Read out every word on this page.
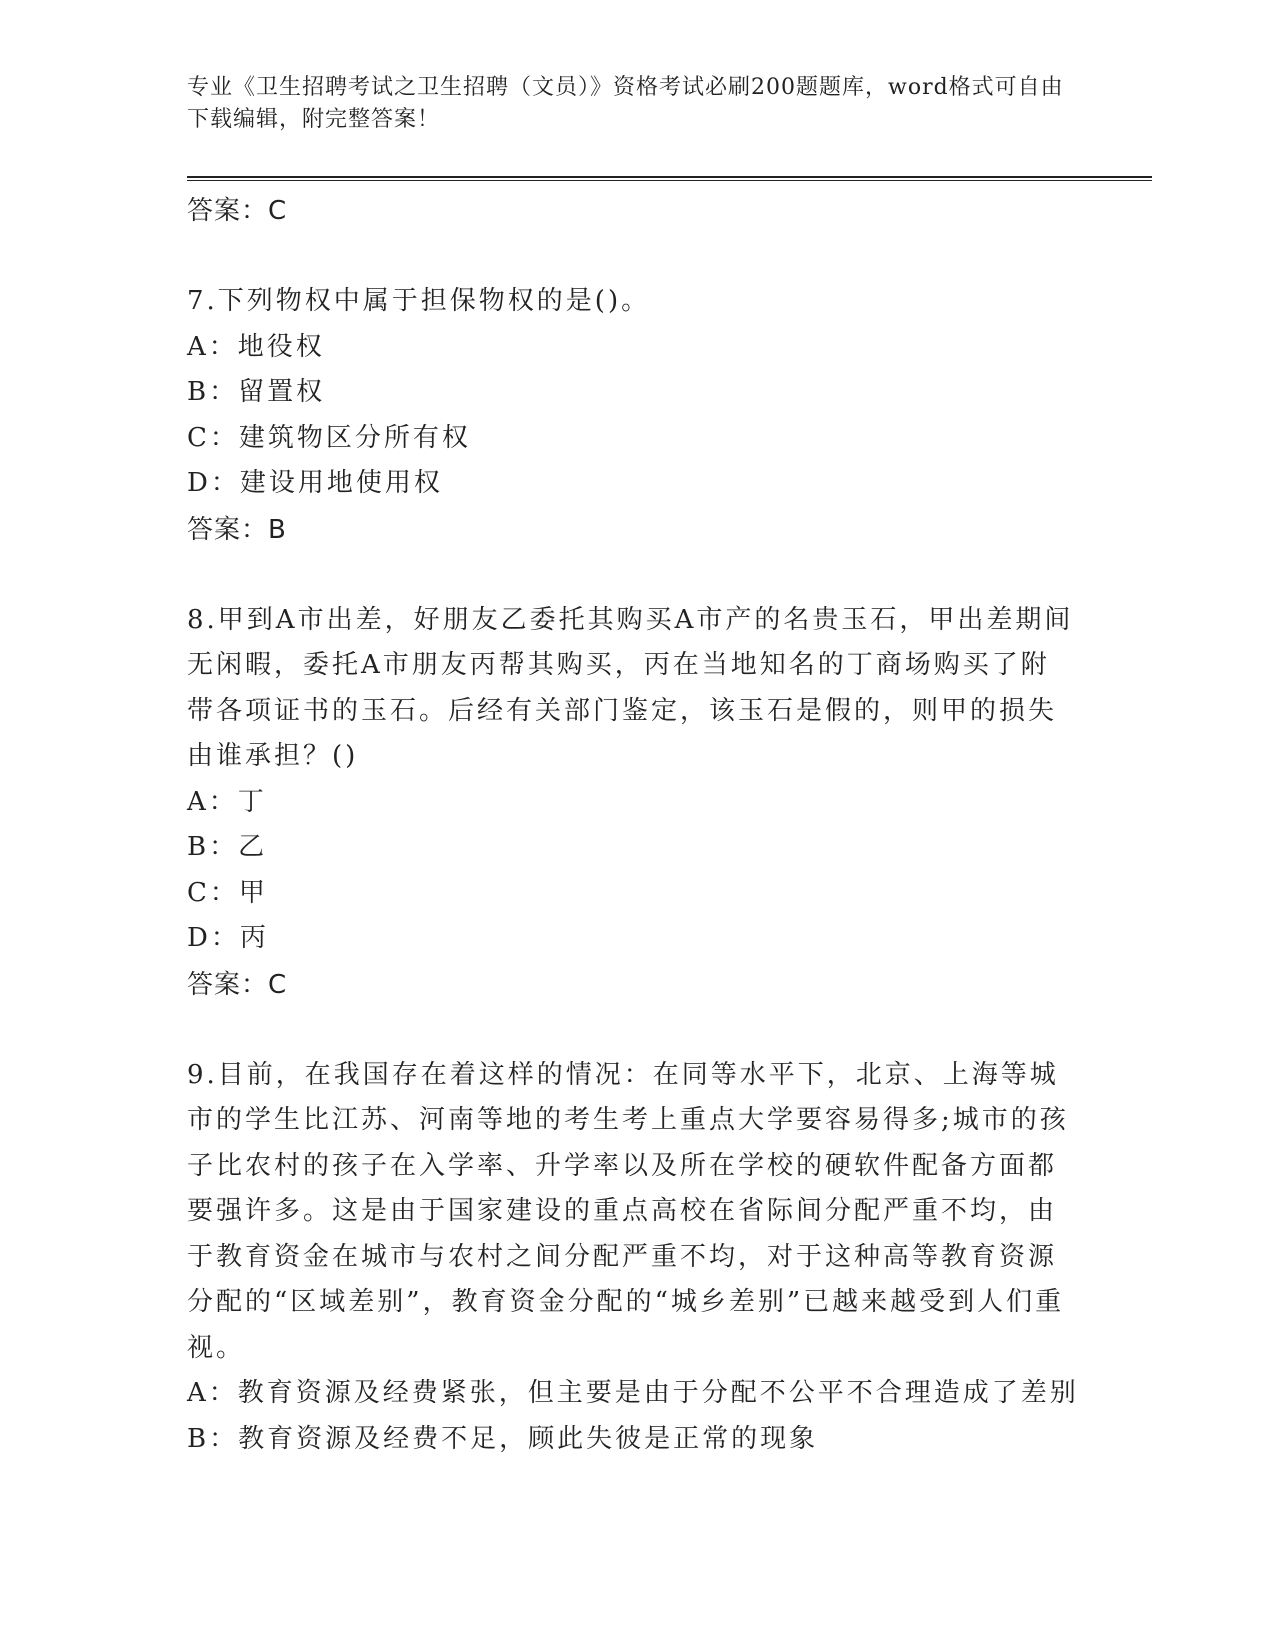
专业《卫生招聘考试之卫生招聘（文员）》资格考试必刷200题题库，word格式可自由下载编辑，附完整答案！
答案：C
7.下列物权中属于担保物权的是()。
A：地役权
B：留置权
C：建筑物区分所有权
D：建设用地使用权
答案：B
8.甲到A市出差，好朋友乙委托其购买A市产的名贵玉石，甲出差期间无闲暇，委托A市朋友丙帮其购买，丙在当地知名的丁商场购买了附带各项证书的玉石。后经有关部门鉴定，该玉石是假的，则甲的损失由谁承担？()
A：丁
B：乙
C：甲
D：丙
答案：C
9.目前，在我国存在着这样的情况：在同等水平下，北京、上海等城市的学生比江苏、河南等地的考生考上重点大学要容易得多;城市的孩子比农村的孩子在入学率、升学率以及所在学校的硬软件配备方面都要强许多。这是由于国家建设的重点高校在省际间分配严重不均，由于教育资金在城市与农村之间分配严重不均，对于这种高等教育资源分配的“区域差别”，教育资金分配的“城乡差别”已越来越受到人们重视。
A：教育资源及经费紧张，但主要是由于分配不公平不合理造成了差别
B：教育资源及经费不足，顾此失彼是正常的现象
